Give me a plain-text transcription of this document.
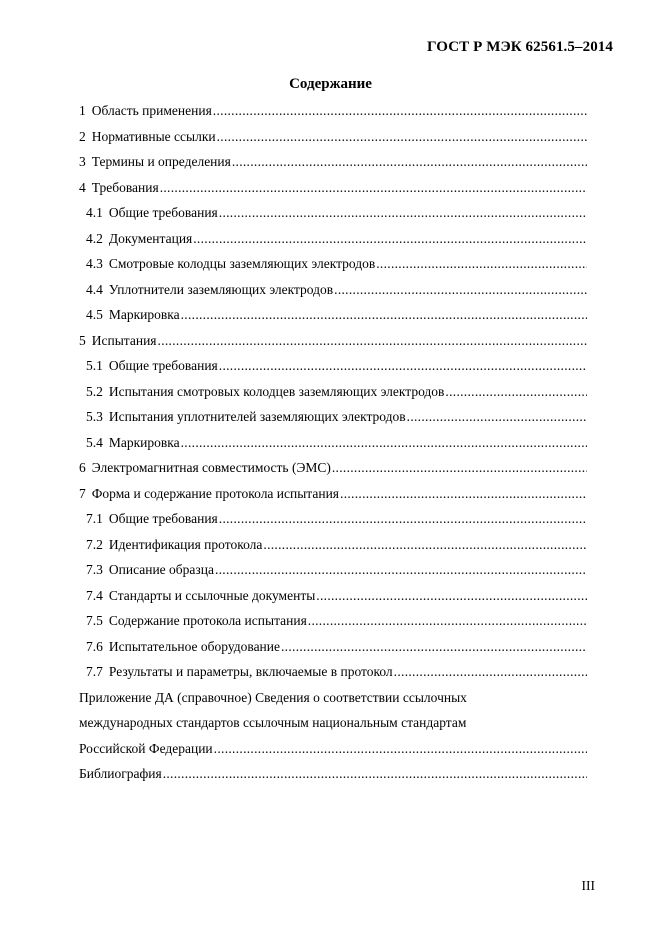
ГОСТ Р МЭК 62561.5–2014
Содержание
1 Область применения
.....
2 Нормативные ссылки
.....
3 Термины и определения
.....
4 Требования
.....
4.1 Общие требования
.....
4.2 Документация
.....
4.3 Смотровые колодцы заземляющих электродов
.....
4.4 Уплотнители заземляющих электродов
.....
4.5 Маркировка
.....
5 Испытания
.....
5.1 Общие требования
.....
5.2 Испытания смотровых колодцев заземляющих электродов
.....
5.3 Испытания уплотнителей заземляющих электродов
.....
5.4 Маркировка
.....
6 Электромагнитная совместимость (ЭМС)
.....
7 Форма и содержание протокола испытания
.....
7.1 Общие требования
.....
7.2 Идентификация протокола
.....
7.3 Описание образца
.....
7.4 Стандарты и ссылочные документы
.....
7.5 Содержание протокола испытания
.....
7.6 Испытательное оборудование
.....
7.7 Результаты и параметры, включаемые в протокол
.....
Приложение ДА (справочное) Сведения о соответствии ссылочных
международных стандартов ссылочным национальным стандартам
Российской Федерации
.....
Библиография
.....
III
